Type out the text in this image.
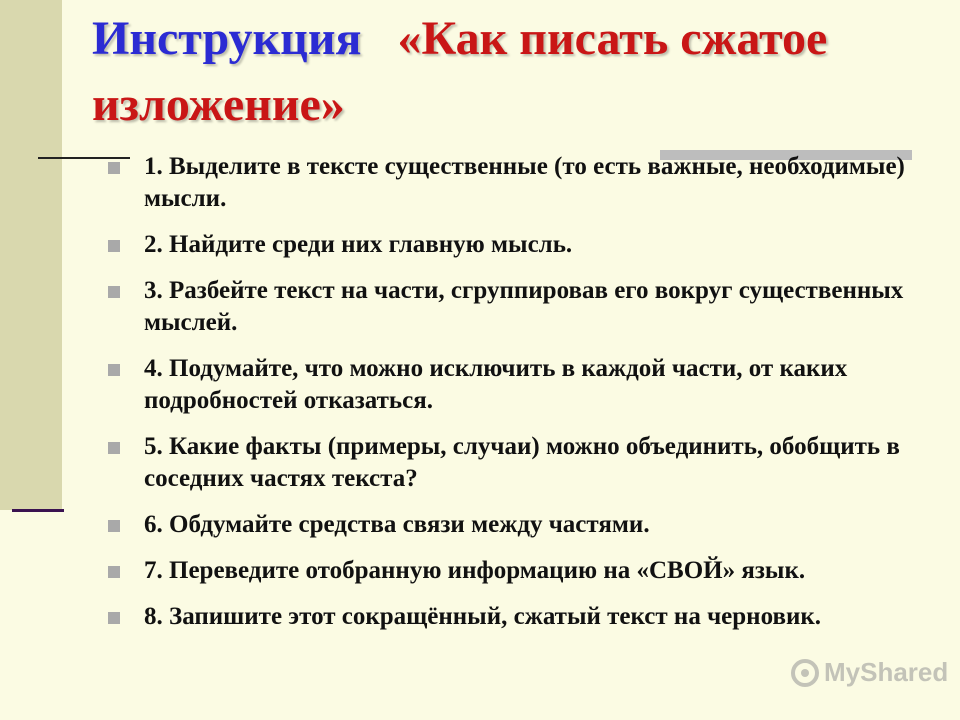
Инструкция «Как писать сжатое изложение»
1. Выделите в тексте существенные (то есть важные, необходимые) мысли.
2. Найдите среди них главную мысль.
3. Разбейте текст на части, сгруппировав его вокруг существенных мыслей.
4. Подумайте, что можно исключить в каждой части, от каких подробностей отказаться.
5. Какие факты (примеры, случаи) можно объединить, обобщить в соседних частях текста?
6. Обдумайте средства связи между частями.
7. Переведите отобранную информацию на «СВОЙ» язык.
8. Запишите этот сокращённый, сжатый текст на черновик.
MyShared
